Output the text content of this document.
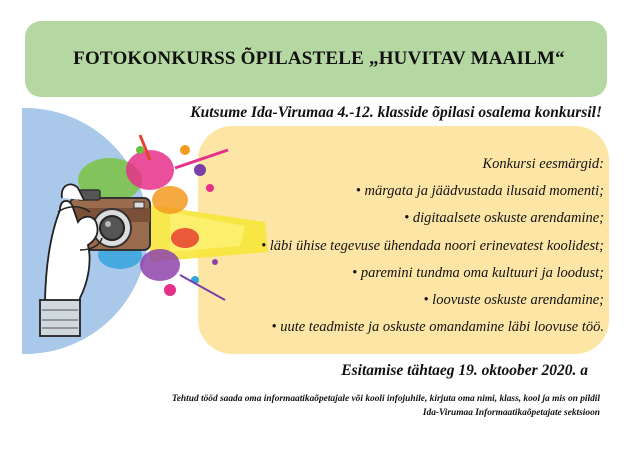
FOTOKONKURSS ÕPILASTELE „HUVITAV MAAILM“
Kutsume Ida-Virumaa 4.-12. klasside õpilasi osalema konkursil!
Konkursi eesmärgid:
• märgata ja jäädvustada ilusaid momenti;
• digitaalsete oskuste arendamine;
• läbi ühise tegevuse ühendada noori erinevatest koolidest;
• paremini tundma oma kultuuri ja loodust;
• loovuste oskuste arendamine;
• uute teadmiste ja oskuste omandamine läbi loovuse töö.
Esitamise tähtaeg 19. oktoober 2020. a
Tehtud tööd saada oma informaatikaõpetajale või kooli infojuhile, kirjuta oma nimi, klass, kool ja mis on pildil
Ida-Virumaa Informaatikaõpetajate sektsioon
